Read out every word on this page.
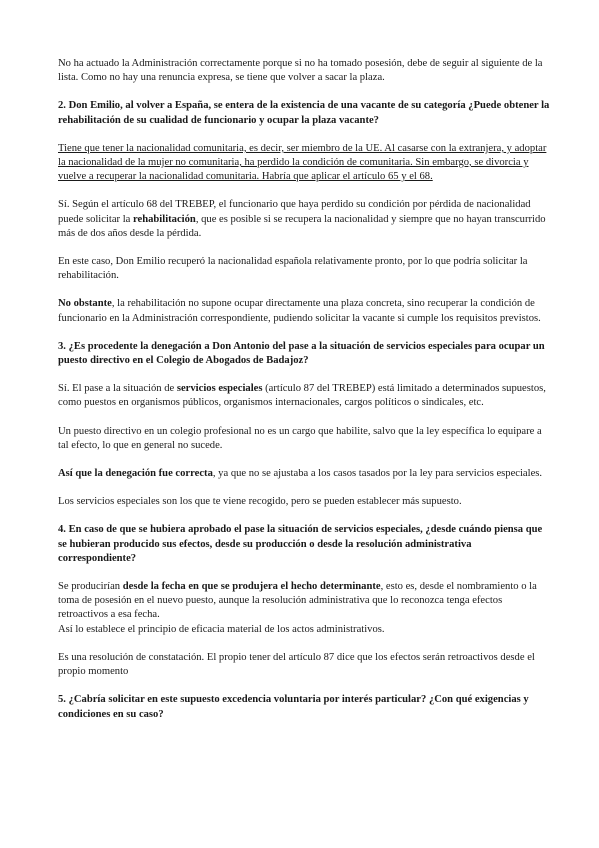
No ha actuado la Administración correctamente porque si no ha tomado posesión, debe de seguir al siguiente de la lista. Como no hay una renuncia expresa, se tiene que volver a sacar la plaza.

2. Don Emilio, al volver a España, se entera de la existencia de una vacante de su categoría ¿Puede obtener la rehabilitación de su cualidad de funcionario y ocupar la plaza vacante?

Tiene que tener la nacionalidad comunitaria, es decir, ser miembro de la UE. Al casarse con la extranjera, y adoptar la nacionalidad de la mujer no comunitaria, ha perdido la condición de comunitaria. Sin embargo, se divorcia y vuelve a recuperar la nacionalidad comunitaria. Habría que aplicar el artículo 65 y el 68.

Sí. Según el artículo 68 del TREBEP, el funcionario que haya perdido su condición por pérdida de nacionalidad puede solicitar la rehabilitación, que es posible si se recupera la nacionalidad y siempre que no hayan transcurrido más de dos años desde la pérdida.

En este caso, Don Emilio recuperó la nacionalidad española relativamente pronto, por lo que podría solicitar la rehabilitación.

No obstante, la rehabilitación no supone ocupar directamente una plaza concreta, sino recuperar la condición de funcionario en la Administración correspondiente, pudiendo solicitar la vacante si cumple los requisitos previstos.

3. ¿Es procedente la denegación a Don Antonio del pase a la situación de servicios especiales para ocupar un puesto directivo en el Colegio de Abogados de Badajoz?

Sí. El pase a la situación de servicios especiales (artículo 87 del TREBEP) está limitado a determinados supuestos, como puestos en organismos públicos, organismos internacionales, cargos políticos o sindicales, etc.

Un puesto directivo en un colegio profesional no es un cargo que habilite, salvo que la ley específica lo equipare a tal efecto, lo que en general no sucede.

Así que la denegación fue correcta, ya que no se ajustaba a los casos tasados por la ley para servicios especiales.

Los servicios especiales son los que te viene recogido, pero se pueden establecer más supuesto.

4. En caso de que se hubiera aprobado el pase la situación de servicios especiales, ¿desde cuándo piensa que se hubieran producido sus efectos, desde su producción o desde la resolución administrativa correspondiente?

Se producirían desde la fecha en que se produjera el hecho determinante, esto es, desde el nombramiento o la toma de posesión en el nuevo puesto, aunque la resolución administrativa que lo reconozca tenga efectos retroactivos a esa fecha.

Así lo establece el principio de eficacia material de los actos administrativos.

Es una resolución de constatación. El propio tener del artículo 87 dice que los efectos serán retroactivos desde el propio momento

5. ¿Cabría solicitar en este supuesto excedencia voluntaria por interés particular? ¿Con qué exigencias y condiciones en su caso?
